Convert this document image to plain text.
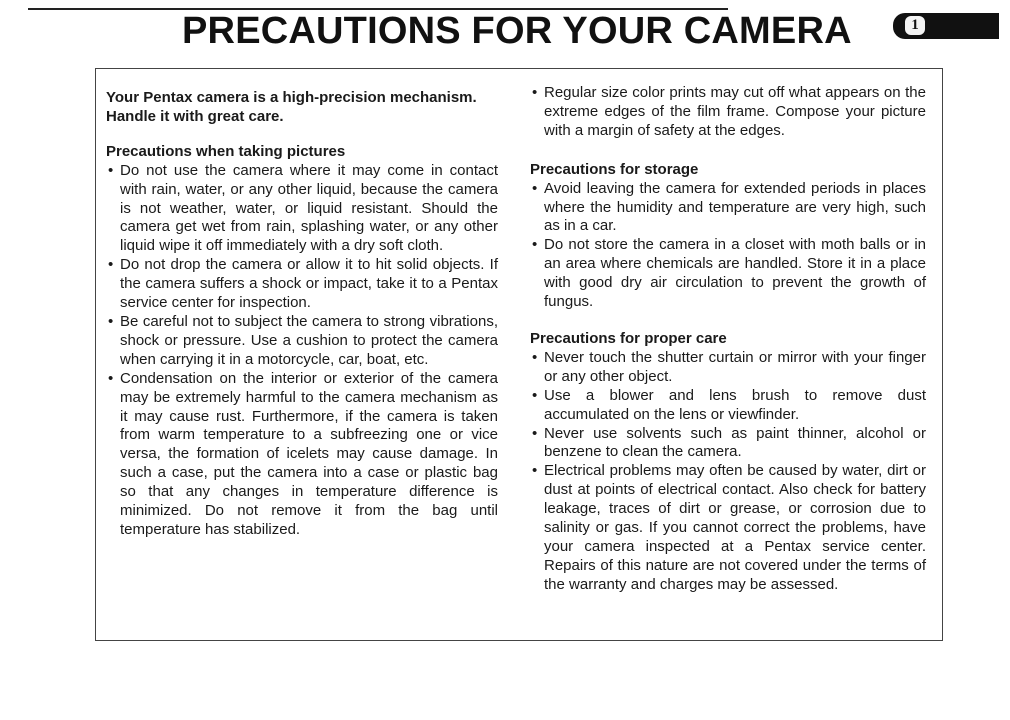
PRECAUTIONS FOR YOUR CAMERA	1

Your Pentax camera is a high-precision mechanism. Handle it with great care.

Precautions when taking pictures

• Do not use the camera where it may come in contact with rain, water, or any other liquid, because the camera is not weather, water, or liquid resistant. Should the camera get wet from rain, splashing water, or any other liquid wipe it off immediately with a dry soft cloth.
• Do not drop the camera or allow it to hit solid objects. If the camera suffers a shock or impact, take it to a Pentax service center for inspection.
• Be careful not to subject the camera to strong vibrations, shock or pressure. Use a cushion to protect the camera when carrying it in a motorcycle, car, boat, etc.
• Condensation on the interior or exterior of the camera may be extremely harmful to the camera mechanism as it may cause rust. Furthermore, if the camera is taken from warm temperature to a subfreezing one or vice versa, the formation of icelets may cause damage. In such a case, put the camera into a case or plastic bag so that any changes in temperature difference is minimized. Do not remove it from the bag until temperature has stabilized.
• Regular size color prints may cut off what appears on the extreme edges of the film frame. Compose your picture with a margin of safety at the edges.

Precautions for storage

• Avoid leaving the camera for extended periods in places where the humidity and temperature are very high, such as in a car.
• Do not store the camera in a closet with moth balls or in an area where chemicals are handled. Store it in a place with good dry air circulation to prevent the growth of fungus.

Precautions for proper care

• Never touch the shutter curtain or mirror with your finger or any other object.
• Use a blower and lens brush to remove dust accumulated on the lens or viewfinder.
• Never use solvents such as paint thinner, alcohol or benzene to clean the camera.
• Electrical problems may often be caused by water, dirt or dust at points of electrical contact. Also check for battery leakage, traces of dirt or grease, or corrosion due to salinity or gas. If you cannot correct the problems, have your camera inspected at a Pentax service center. Repairs of this nature are not covered under the terms of the warranty and charges may be assessed.
